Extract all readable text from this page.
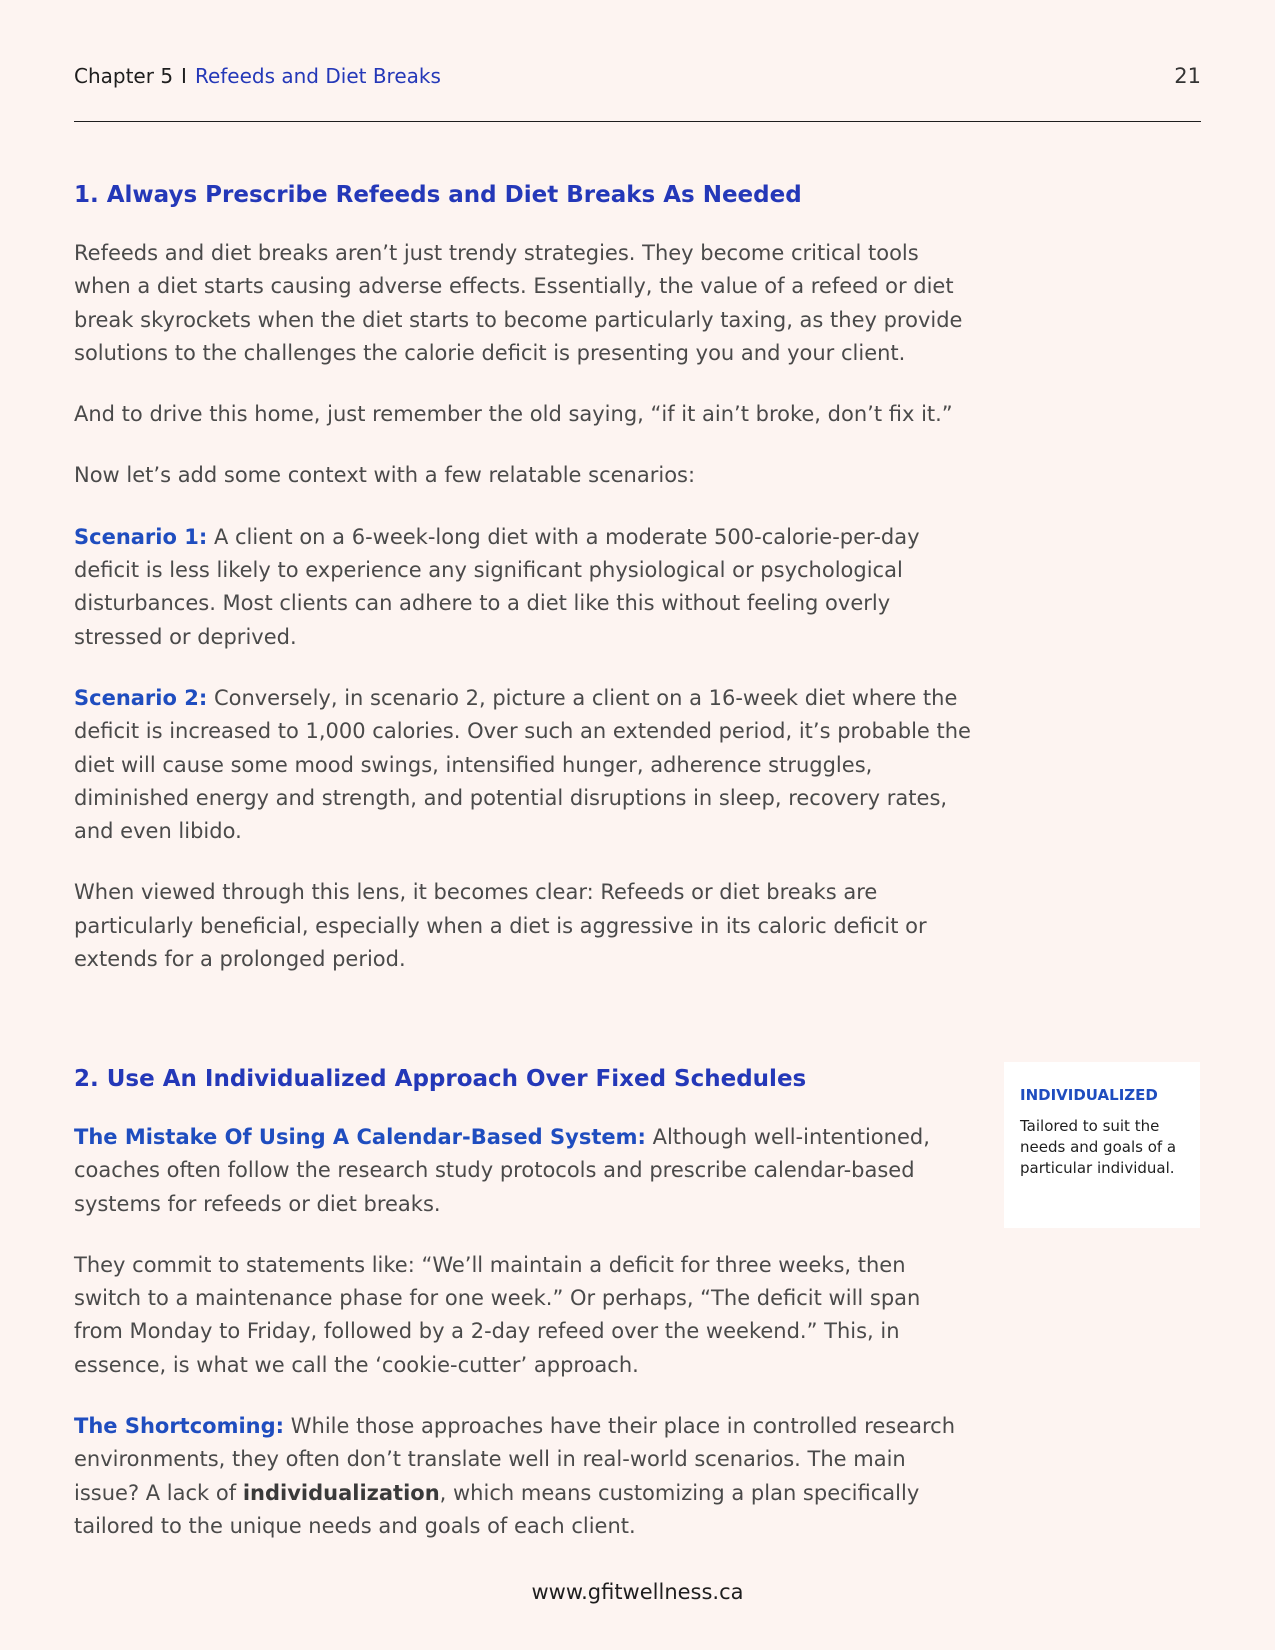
Chapter 5 I Refeeds and Diet Breaks	21
1. Always Prescribe Refeeds and Diet Breaks As Needed

Refeeds and diet breaks aren’t just trendy strategies. They become critical tools when a diet starts causing adverse effects. Essentially, the value of a refeed or diet break skyrockets when the diet starts to become particularly taxing, as they provide solutions to the challenges the calorie deficit is presenting you and your client.

And to drive this home, just remember the old saying, “if it ain’t broke, don’t fix it.”

Now let’s add some context with a few relatable scenarios:

Scenario 1: A client on a 6-week-long diet with a moderate 500-calorie-per-day deficit is less likely to experience any significant physiological or psychological disturbances. Most clients can adhere to a diet like this without feeling overly stressed or deprived.

Scenario 2: Conversely, in scenario 2, picture a client on a 16-week diet where the deficit is increased to 1,000 calories. Over such an extended period, it’s probable the diet will cause some mood swings, intensified hunger, adherence struggles, diminished energy and strength, and potential disruptions in sleep, recovery rates, and even libido.

When viewed through this lens, it becomes clear: Refeeds or diet breaks are particularly beneficial, especially when a diet is aggressive in its caloric deficit or extends for a prolonged period.

2. Use An Individualized Approach Over Fixed Schedules

The Mistake Of Using A Calendar-Based System: Although well-intentioned, coaches often follow the research study protocols and prescribe calendar-based systems for refeeds or diet breaks.

They commit to statements like: “We’ll maintain a deficit for three weeks, then switch to a maintenance phase for one week.” Or perhaps, “The deficit will span from Monday to Friday, followed by a 2-day refeed over the weekend.” This, in essence, is what we call the ‘cookie-cutter’ approach.

The Shortcoming: While those approaches have their place in controlled research environments, they often don’t translate well in real-world scenarios. The main issue? A lack of individualization, which means customizing a plan specifically tailored to the unique needs and goals of each client.

INDIVIDUALIZED
Tailored to suit the needs and goals of a particular individual.
www.gfitwellness.ca
